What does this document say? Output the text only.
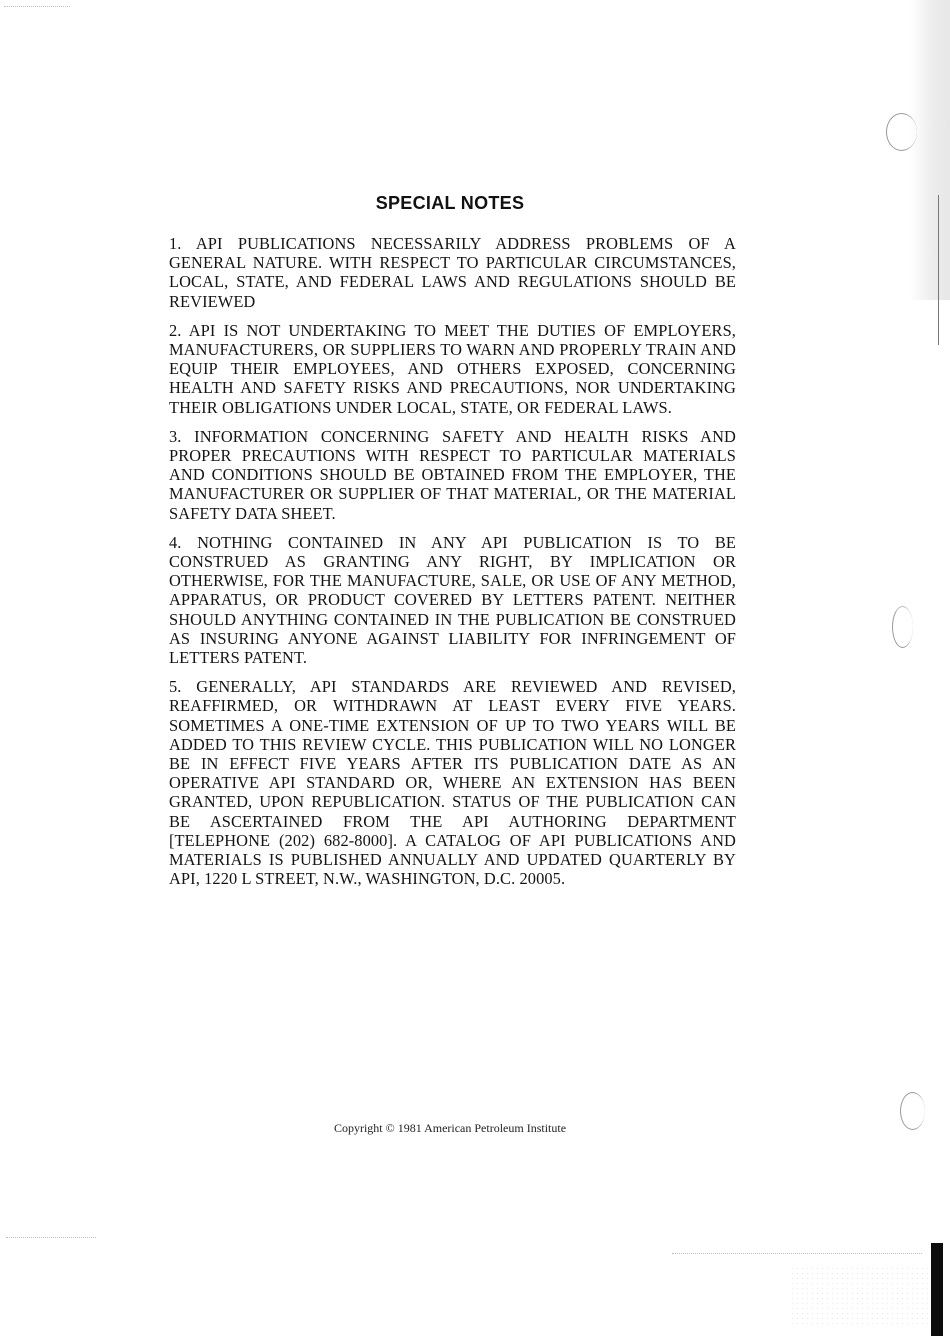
SPECIAL NOTES

1. API PUBLICATIONS NECESSARILY ADDRESS PROBLEMS OF A GENERAL NATURE. WITH RESPECT TO PARTICULAR CIRCUMSTANCES, LOCAL, STATE, AND FEDERAL LAWS AND REGULATIONS SHOULD BE REVIEWED

2. API IS NOT UNDERTAKING TO MEET THE DUTIES OF EMPLOYERS, MANUFACTURERS, OR SUPPLIERS TO WARN AND PROPERLY TRAIN AND EQUIP THEIR EMPLOYEES, AND OTHERS EXPOSED, CONCERNING HEALTH AND SAFETY RISKS AND PRECAUTIONS, NOR UNDERTAKING THEIR OBLIGATIONS UNDER LOCAL, STATE, OR FEDERAL LAWS.

3. INFORMATION CONCERNING SAFETY AND HEALTH RISKS AND PROPER PRECAUTIONS WITH RESPECT TO PARTICULAR MATERIALS AND CONDITIONS SHOULD BE OBTAINED FROM THE EMPLOYER, THE MANUFACTURER OR SUPPLIER OF THAT MATERIAL, OR THE MATERIAL SAFETY DATA SHEET.

4. NOTHING CONTAINED IN ANY API PUBLICATION IS TO BE CONSTRUED AS GRANTING ANY RIGHT, BY IMPLICATION OR OTHERWISE, FOR THE MANUFACTURE, SALE, OR USE OF ANY METHOD, APPARATUS, OR PRODUCT COVERED BY LETTERS PATENT. NEITHER SHOULD ANYTHING CONTAINED IN THE PUBLICATION BE CONSTRUED AS INSURING ANYONE AGAINST LIABILITY FOR INFRINGEMENT OF LETTERS PATENT.

5. GENERALLY, API STANDARDS ARE REVIEWED AND REVISED, REAFFIRMED, OR WITHDRAWN AT LEAST EVERY FIVE YEARS. SOMETIMES A ONE-TIME EXTENSION OF UP TO TWO YEARS WILL BE ADDED TO THIS REVIEW CYCLE. THIS PUBLICATION WILL NO LONGER BE IN EFFECT FIVE YEARS AFTER ITS PUBLICATION DATE AS AN OPERATIVE API STANDARD OR, WHERE AN EXTENSION HAS BEEN GRANTED, UPON REPUBLICATION. STATUS OF THE PUBLICATION CAN BE ASCERTAINED FROM THE API AUTHORING DEPARTMENT [TELEPHONE (202) 682-8000]. A CATALOG OF API PUBLICATIONS AND MATERIALS IS PUBLISHED ANNUALLY AND UPDATED QUARTERLY BY API, 1220 L STREET, N.W., WASHINGTON, D.C. 20005.

Copyright © 1981 American Petroleum Institute
